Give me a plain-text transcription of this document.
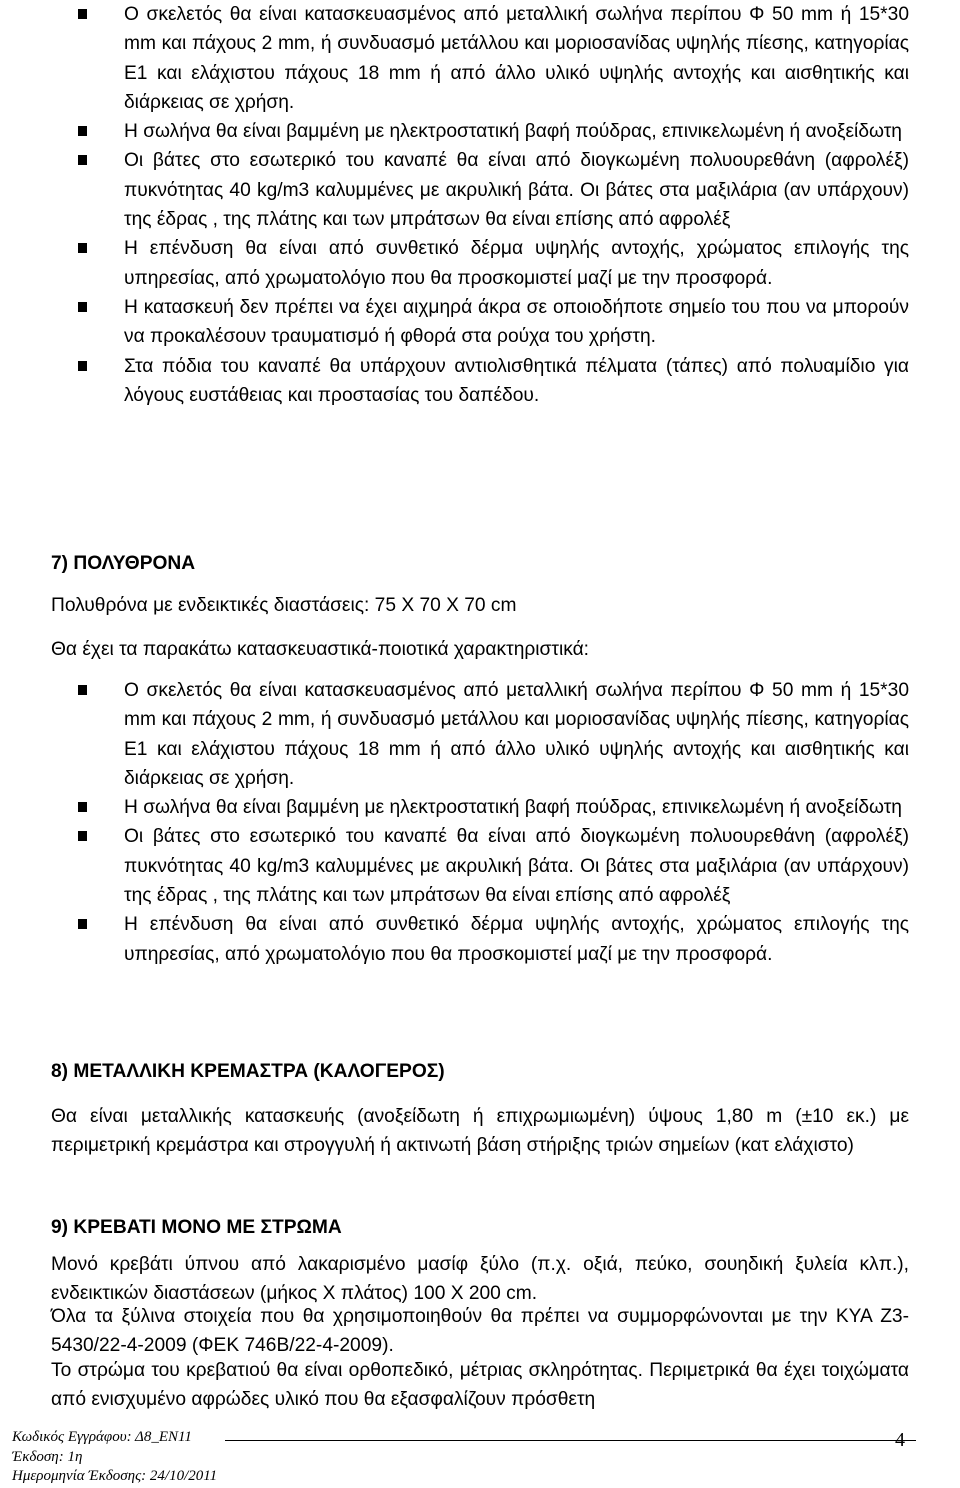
Ο σκελετός θα είναι κατασκευασμένος από μεταλλική σωλήνα περίπου Φ 50 mm ή 15*30 mm και πάχους 2 mm, ή συνδυασμό μετάλλου και μοριοσανίδας υψηλής πίεσης, κατηγορίας Ε1 και ελάχιστου πάχους 18 mm ή από άλλο υλικό υψηλής αντοχής και αισθητικής και διάρκειας σε χρήση.
Η σωλήνα θα είναι βαμμένη με ηλεκτροστατική βαφή πούδρας, επινικελωμένη ή ανοξείδωτη
Οι βάτες στο εσωτερικό του καναπέ θα είναι από διογκωμένη πολυουρεθάνη (αφρολέξ) πυκνότητας 40 kg/m3 καλυμμένες με ακρυλική βάτα. Οι βάτες στα μαξιλάρια (αν υπάρχουν) της έδρας , της πλάτης και των μπράτσων θα είναι επίσης από αφρολέξ
Η επένδυση θα είναι από συνθετικό δέρμα υψηλής αντοχής, χρώματος επιλογής της υπηρεσίας, από χρωματολόγιο που θα προσκομιστεί μαζί με την προσφορά.
Η κατασκευή δεν πρέπει να έχει αιχμηρά άκρα σε οποιοδήποτε σημείο του που να μπορούν να προκαλέσουν τραυματισμό ή φθορά στα ρούχα του χρήστη.
Στα πόδια του καναπέ θα υπάρχουν αντιολισθητικά πέλματα (τάπες) από πολυαμίδιο για λόγους ευστάθειας και προστασίας του δαπέδου.
7) ΠΟΛΥΘΡΟΝΑ
Πολυθρόνα με ενδεικτικές διαστάσεις: 75 Χ 70 Χ 70 cm
Θα έχει τα παρακάτω κατασκευαστικά-ποιοτικά χαρακτηριστικά:
Ο σκελετός θα είναι κατασκευασμένος από μεταλλική σωλήνα περίπου Φ 50 mm ή 15*30 mm και πάχους 2 mm, ή συνδυασμό μετάλλου και μοριοσανίδας υψηλής πίεσης, κατηγορίας Ε1 και ελάχιστου πάχους 18 mm ή από άλλο υλικό υψηλής αντοχής και αισθητικής και διάρκειας σε χρήση.
Η σωλήνα θα είναι βαμμένη με ηλεκτροστατική βαφή πούδρας, επινικελωμένη ή ανοξείδωτη
Οι βάτες στο εσωτερικό του καναπέ θα είναι από διογκωμένη πολυουρεθάνη (αφρολέξ) πυκνότητας 40 kg/m3 καλυμμένες με ακρυλική βάτα. Οι βάτες στα μαξιλάρια (αν υπάρχουν) της έδρας , της πλάτης και των μπράτσων θα είναι επίσης από αφρολέξ
Η επένδυση θα είναι από συνθετικό δέρμα υψηλής αντοχής, χρώματος επιλογής της υπηρεσίας, από χρωματολόγιο που θα προσκομιστεί μαζί με την προσφορά.
8) ΜΕΤΑΛΛΙΚΗ ΚΡΕΜΑΣΤΡΑ (ΚΑΛΟΓΕΡΟΣ)
Θα είναι μεταλλικής κατασκευής (ανοξείδωτη ή επιχρωμιωμένη) ύψους 1,80 m (±10 εκ.) με περιμετρική κρεμάστρα και στρογγυλή ή ακτινωτή βάση στήριξης τριών σημείων (κατ ελάχιστο)
9) ΚΡΕΒΑΤΙ ΜΟΝΟ ΜΕ ΣΤΡΩΜΑ
Μονό κρεβάτι ύπνου από λακαρισμένο μασίφ ξύλο (π.χ. οξιά, πεύκο, σουηδική ξυλεία κλπ.), ενδεικτικών διαστάσεων (μήκος Χ πλάτος) 100 Χ 200 cm.
Όλα τα ξύλινα στοιχεία που θα χρησιμοποιηθούν θα πρέπει να συμμορφώνονται με την ΚΥΑ Ζ3-5430/22-4-2009 (ΦΕΚ 746Β/22-4-2009).
Το στρώμα του κρεβατιού θα είναι ορθοπεδικό, μέτριας σκληρότητας. Περιμετρικά θα έχει τοιχώματα από ενισχυμένο αφρώδες υλικό που θα εξασφαλίζουν πρόσθετη
Κωδικός Εγγράφου: Δ8_ΕΝ11
Έκδοση: 1η
Ημερομηνία Έκδοσης: 24/10/2011
4
